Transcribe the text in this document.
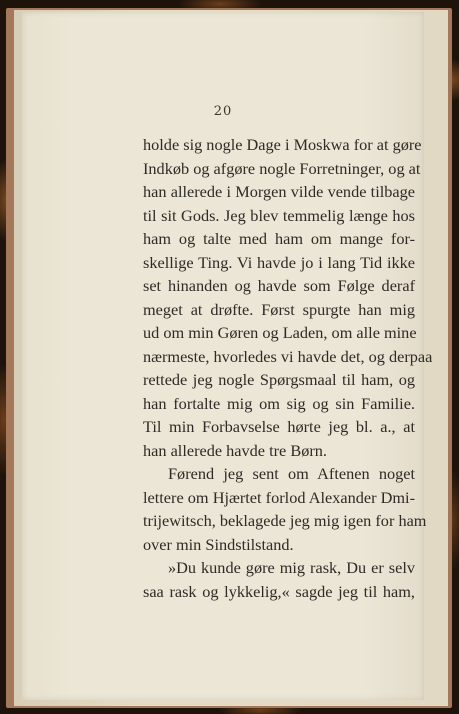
20
holde sig nogle Dage i Moskwa for at gøre
Indkøb og afgøre nogle Forretninger, og at
han allerede i Morgen vilde vende tilbage
til sit Gods. Jeg blev temmelig længe hos
ham og talte med ham om mange for-
skellige Ting. Vi havde jo i lang Tid ikke
set hinanden og havde som Følge deraf
meget at drøfte. Først spurgte han mig
ud om min Gøren og Laden, om alle mine
nærmeste, hvorledes vi havde det, og derpaa
rettede jeg nogle Spørgsmaal til ham, og
han fortalte mig om sig og sin Familie.
Til min Forbavselse hørte jeg bl. a., at
han allerede havde tre Børn.
Førend jeg sent om Aftenen noget
lettere om Hjærtet forlod Alexander Dmi-
trijewitsch, beklagede jeg mig igen for ham
over min Sindstilstand.
»Du kunde gøre mig rask, Du er selv
saa rask og lykkelig,« sagde jeg til ham,
